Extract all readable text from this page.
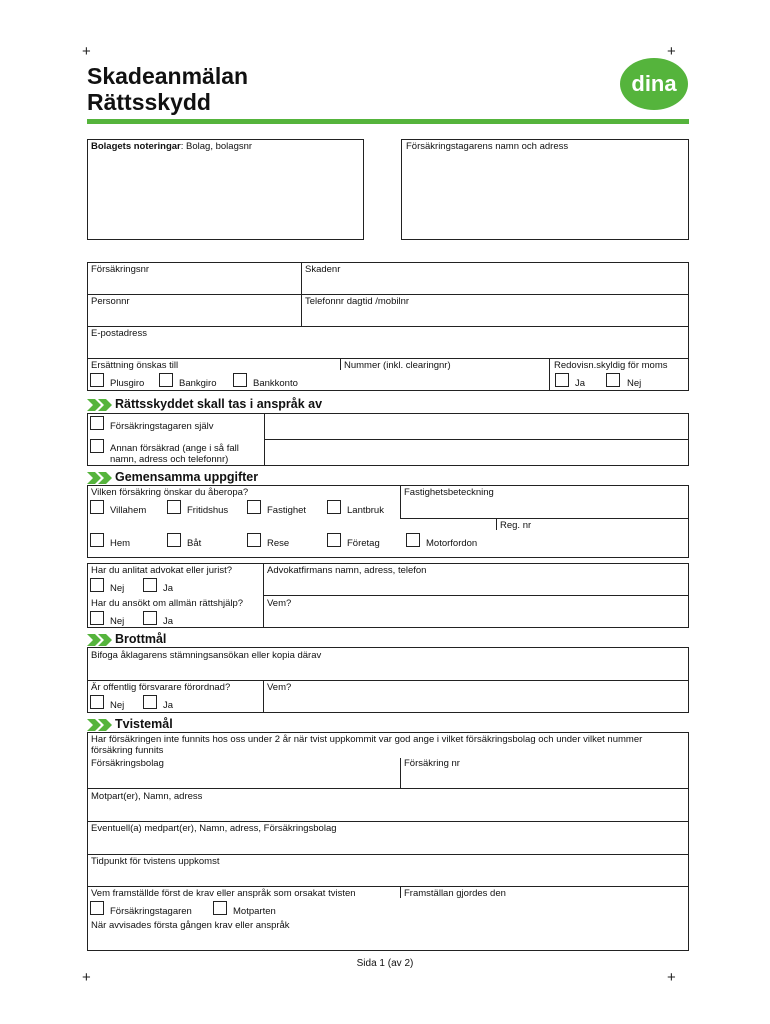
+	+
+	+
Skadeanmälan
Rättsskydd
dina
Bolagets noteringar: Bolag, bolagsnr	Försäkringstagarens namn och adress
Försäkringsnr	Skadenr
Personnr	Telefonnr dagtid /mobilnr
E-postadress
Ersättning önskas till	Nummer (inkl. clearingnr)	Redovisn.skyldig för moms
Plusgiro	Bankgiro	Bankkonto	Ja	Nej
Rättsskyddet skall tas i anspråk av
Försäkringstagaren själv
Annan försäkrad (ange i så fall namn, adress och telefonnr)
Gemensamma uppgifter
Vilken försäkring önskar du åberopa?	Fastighetsbeteckning
Villahem	Fritidshus	Fastighet	Lantbruk
Reg. nr
Hem	Båt	Rese	Företag	Motorfordon
Har du anlitat advokat eller jurist?	Advokatfirmans namn, adress, telefon
Nej	Ja
Har du ansökt om allmän rättshjälp?	Vem?
Nej	Ja
Brottmål
Bifoga åklagarens stämningsansökan eller kopia därav
Är offentlig försvarare förordnad?	Vem?
Nej	Ja
Tvistemål
Har försäkringen inte funnits hos oss under 2 år när tvist uppkommit var god ange i vilket försäkringsbolag och under vilket nummer försäkring funnits
Försäkringsbolag	Försäkring nr
Motpart(er), Namn, adress
Eventuell(a) medpart(er), Namn, adress, Försäkringsbolag
Tidpunkt för tvistens uppkomst
Vem framställde först de krav eller anspråk som orsakat tvisten	Framställan gjordes den
Försäkringstagaren	Motparten
När avvisades första gången krav eller anspråk
Sida 1 (av 2)
